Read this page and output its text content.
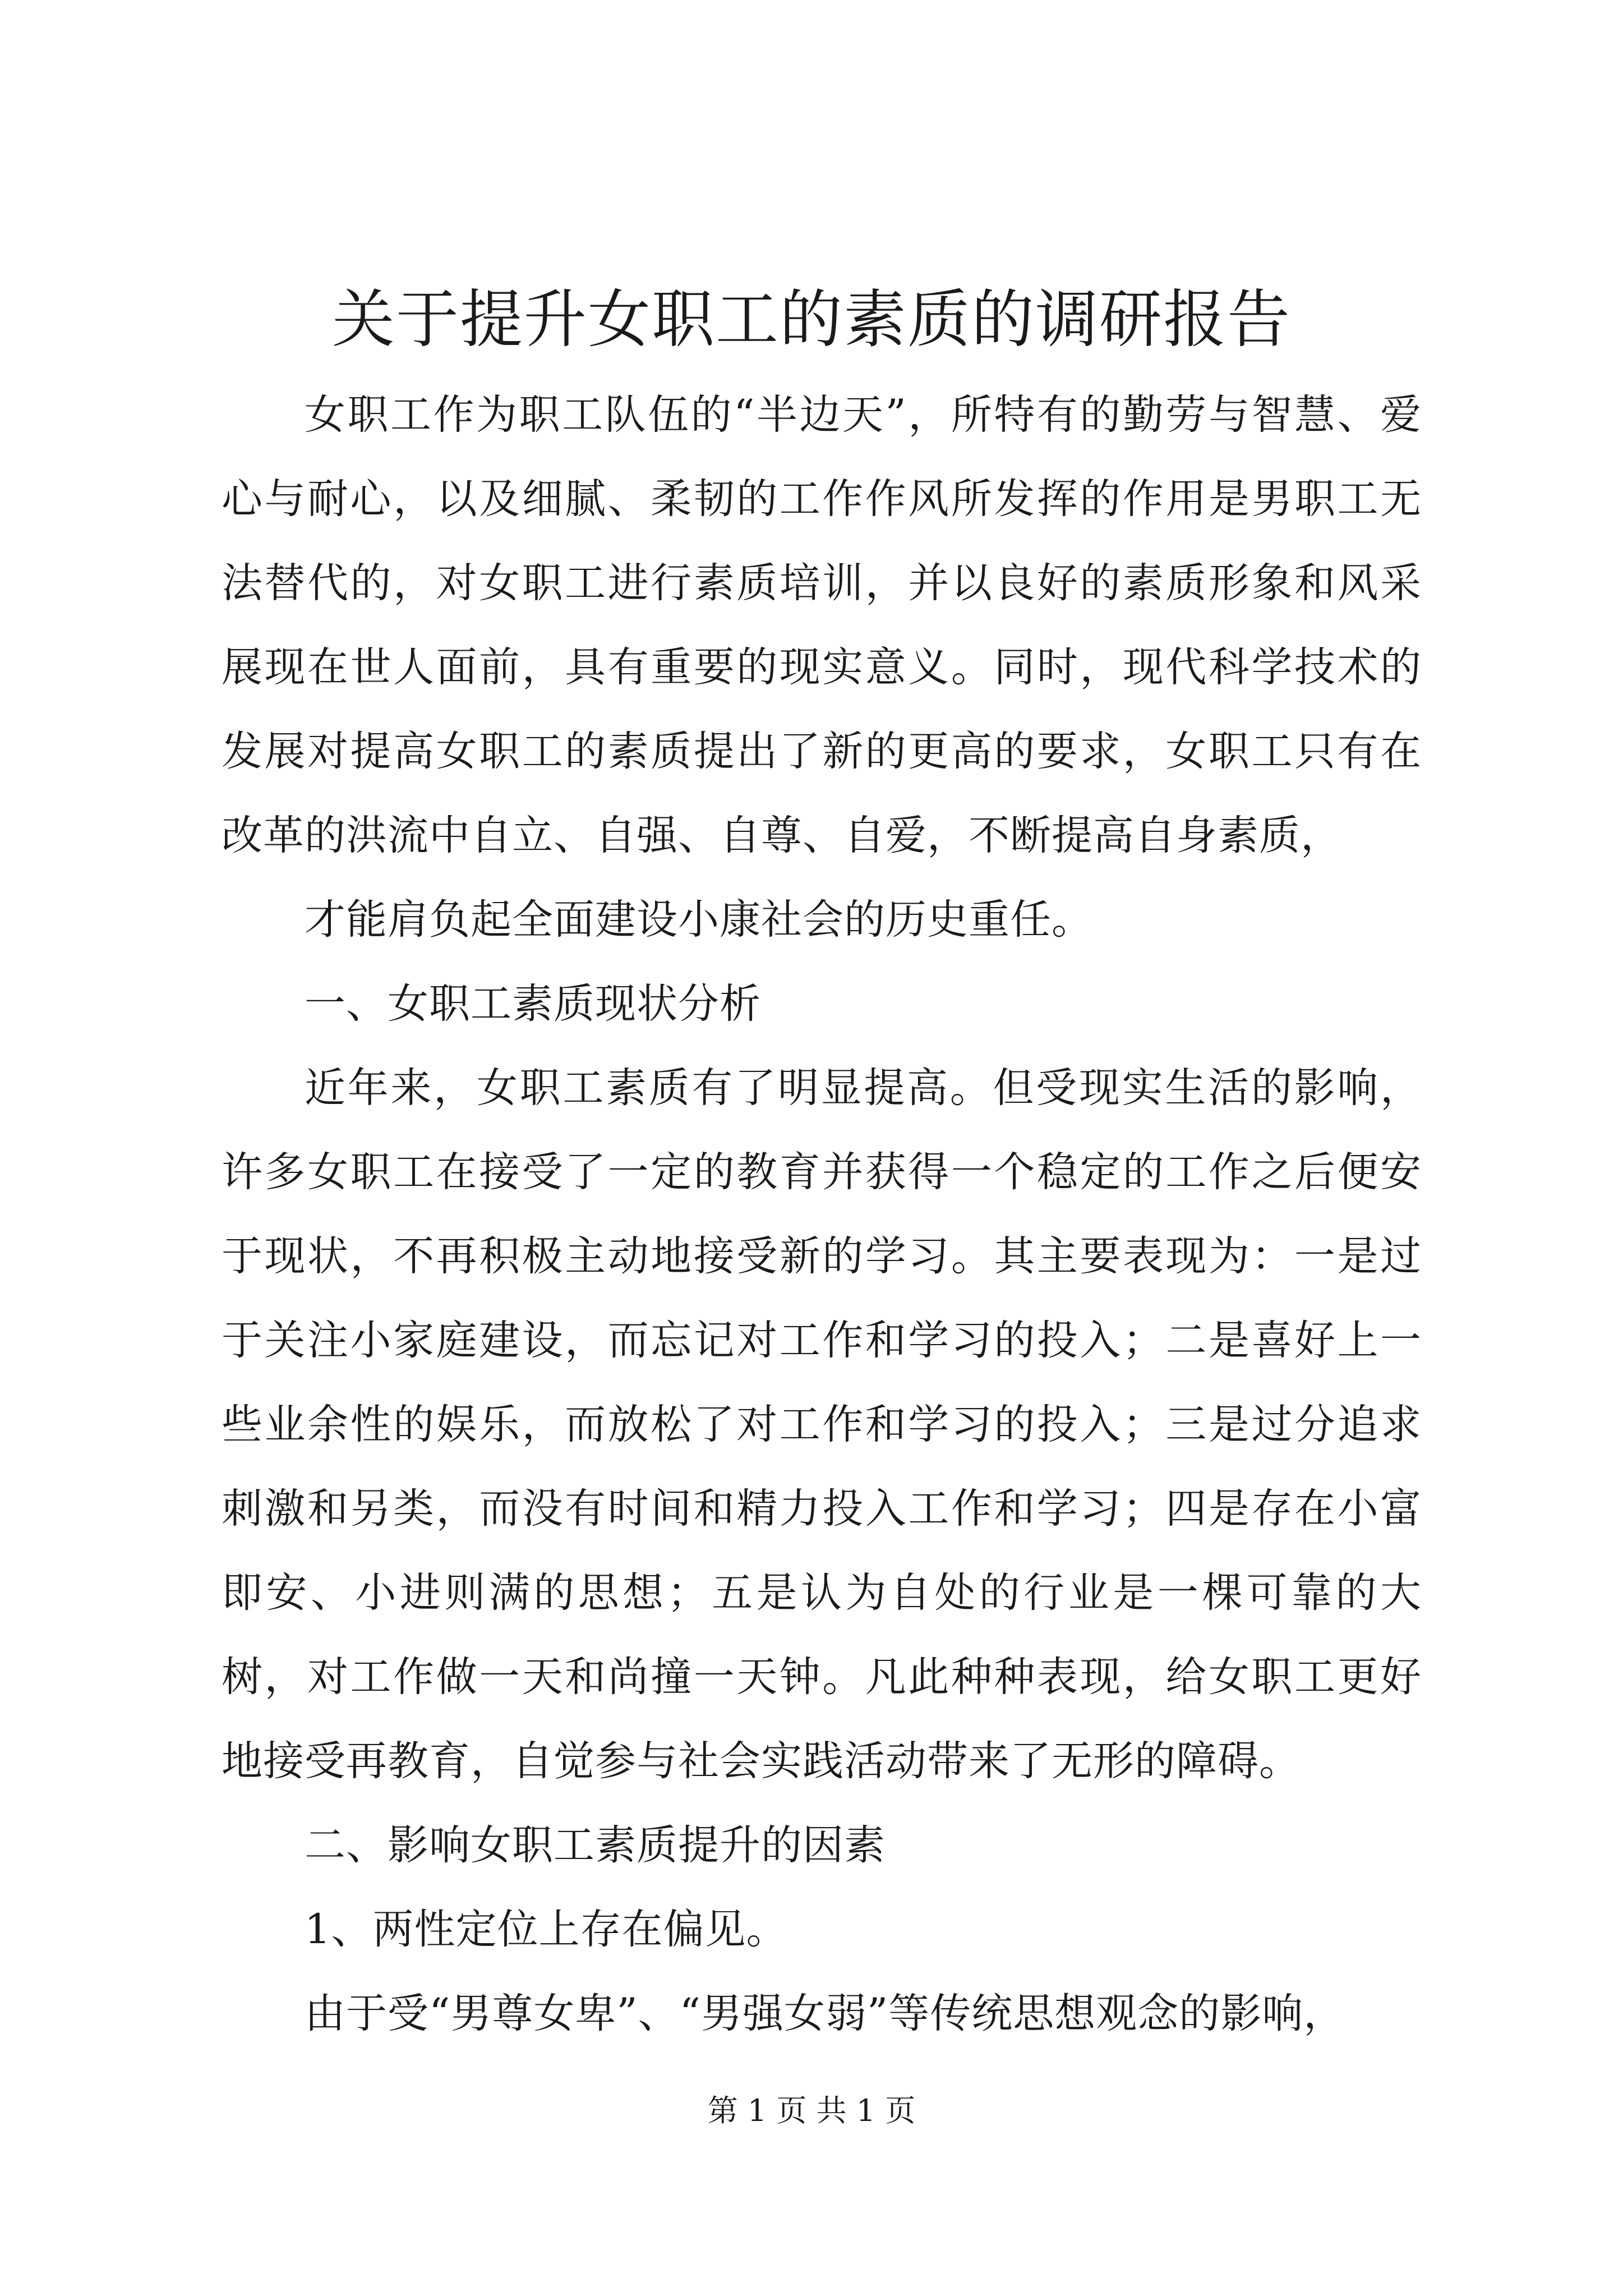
关于提升女职工的素质的调研报告

女职工作为职工队伍的“半边天”，所特有的勤劳与智慧、爱心与耐心，以及细腻、柔韧的工作作风所发挥的作用是男职工无法替代的，对女职工进行素质培训，并以良好的素质形象和风采展现在世人面前，具有重要的现实意义。同时，现代科学技术的发展对提高女职工的素质提出了新的更高的要求，女职工只有在改革的洪流中自立、自强、自尊、自爱，不断提高自身素质，

才能肩负起全面建设小康社会的历史重任。

一、女职工素质现状分析

近年来，女职工素质有了明显提高。但受现实生活的影响，许多女职工在接受了一定的教育并获得一个稳定的工作之后便安于现状，不再积极主动地接受新的学习。其主要表现为：一是过于关注小家庭建设，而忘记对工作和学习的投入；二是喜好上一些业余性的娱乐，而放松了对工作和学习的投入；三是过分追求刺激和另类，而没有时间和精力投入工作和学习；四是存在小富即安、小进则满的思想；五是认为自处的行业是一棵可靠的大树，对工作做一天和尚撞一天钟。凡此种种表现，给女职工更好地接受再教育，自觉参与社会实践活动带来了无形的障碍。

二、影响女职工素质提升的因素

1、两性定位上存在偏见。

由于受“男尊女卑”、“男强女弱”等传统思想观念的影响，

第 1 页 共 1 页
